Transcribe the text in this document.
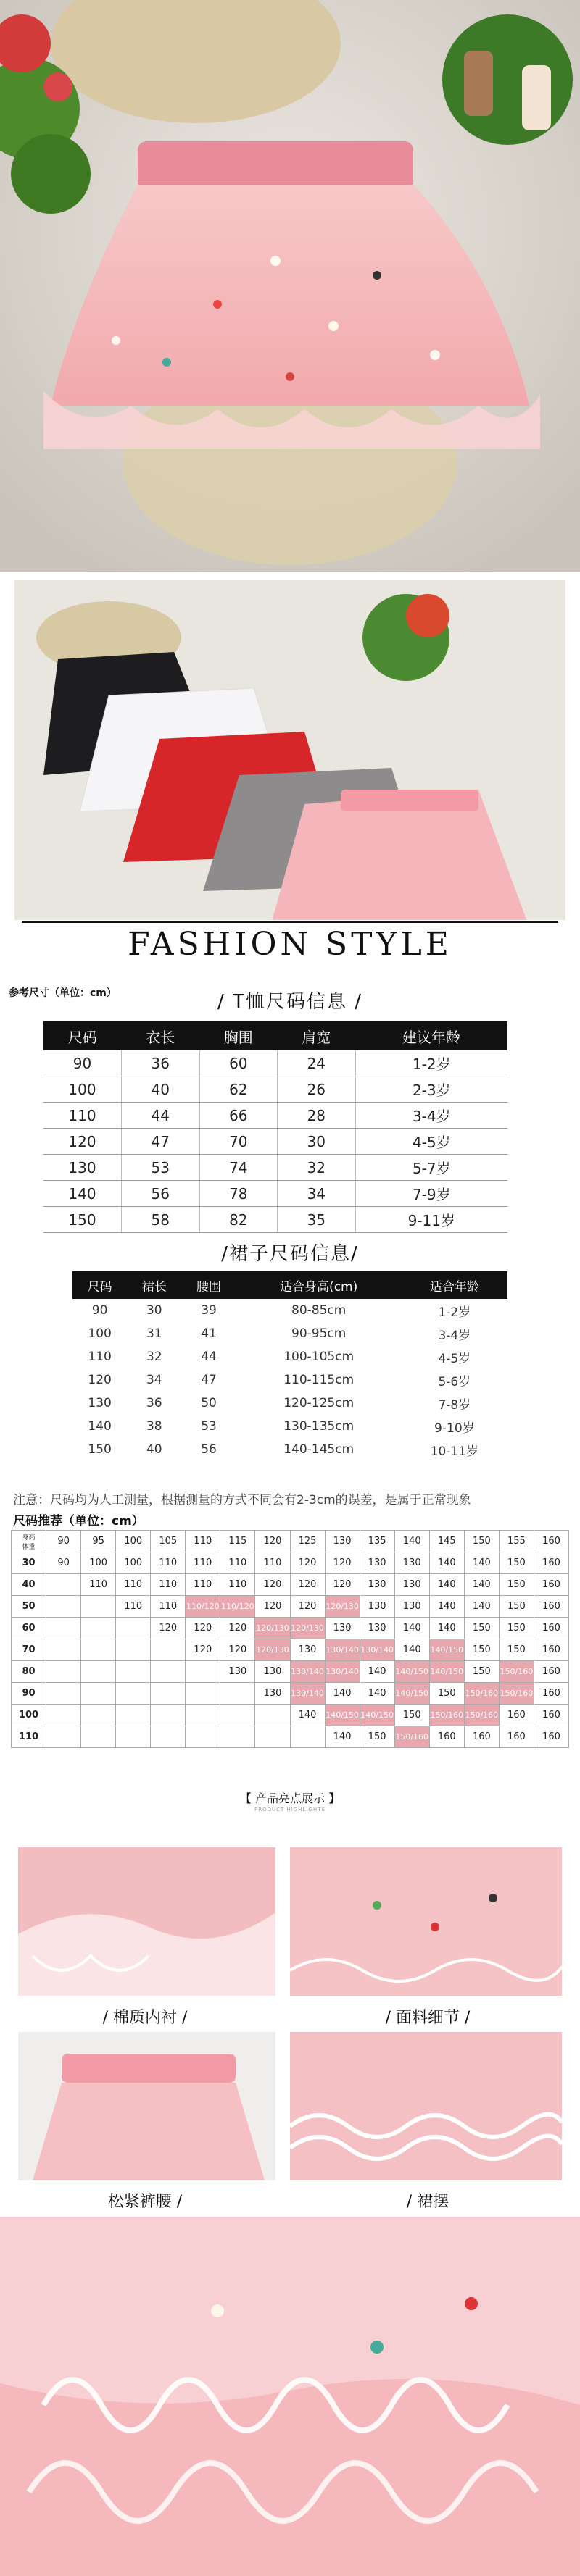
FASHION STYLE
参考尺寸（单位：cm）	/ T恤尺码信息 /
尺码	衣长	胸围	肩宽	建议年龄
90	36	60	24	1-2岁
100	40	62	26	2-3岁
110	44	66	28	3-4岁
120	47	70	30	4-5岁
130	53	74	32	5-7岁
140	56	78	34	7-9岁
150	58	82	35	9-11岁
/裙子尺码信息/
尺码	裙长	腰围	适合身高(cm)	适合年龄
90	30	39	80-85cm	1-2岁
100	31	41	90-95cm	3-4岁
110	32	44	100-105cm	4-5岁
120	34	47	110-115cm	5-6岁
130	36	50	120-125cm	7-8岁
140	38	53	130-135cm	9-10岁
150	40	56	140-145cm	10-11岁
注意：尺码均为人工测量，根据测量的方式不同会有2-3cm的误差，是属于正常现象
尺码推荐（单位：cm）
身高
体重	90	95	100	105	110	115	120	125	130	135	140	145	150	155	160
30	90	100	100	110	110	110	110	120	120	130	130	140	140	150	160
40		110	110	110	110	110	120	120	120	130	130	140	140	150	160
50			110	110	110/120	110/120	120	120	120/130	130	130	140	140	150	160
60				120	120	120	120/130	120/130	130	130	140	140	150	150	160
70					120	120	120/130	130	130/140	130/140	140	140/150	150	150	160
80						130	130	130/140	130/140	140	140/150	140/150	150	150/160	160
90							130	130/140	140	140	140/150	150	150/160	150/160	160
100								140	140/150	140/150	150	150/160	150/160	160	160
110									140	150	150/160	160	160	160	160
【 产品亮点展示 】
PRODUCT HIGHLIGHTS
/ 棉质内衬 /	/ 面料细节 /
松紧裤腰 /	/ 裙摆
